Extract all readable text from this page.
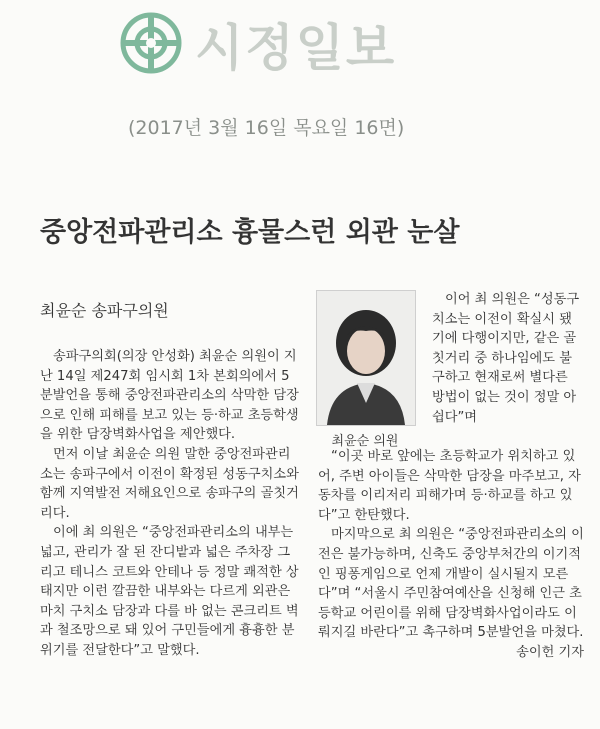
시정일보
(2017년 3월 16일 목요일 16면)
중앙전파관리소 흉물스런 외관 눈살
최윤순 송파구의원

송파구의회(의장 안성화) 최윤순 의원이 지난 14일 제247회 임시회 1차 본회의에서 5분발언을 통해 중앙전파관리소의 삭막한 담장으로 인해 피해를 보고 있는 등·하교 초등학생을 위한 담장벽화사업을 제안했다.

먼저 이날 최윤순 의원 말한 중앙전파관리소는 송파구에서 이전이 확정된 성동구치소와 함께 지역발전 저해요인으로 송파구의 골칫거리다.

이에 최 의원은 “중앙전파관리소의 내부는 넓고, 관리가 잘 된 잔디밭과 넓은 주차장 그리고 테니스 코트와 안테나 등 정말 쾌적한 상태지만 이런 깔끔한 내부와는 다르게 외관은 마치 구치소 담장과 다를 바 없는 콘크리트 벽과 철조망으로 돼 있어 구민들에게 흉흉한 분위기를 전달한다”고 말했다.

최윤순 의원

이어 최 의원은 “성동구치소는 이전이 확실시 됐기에 다행이지만, 같은 골칫거리 중 하나임에도 불구하고 현재로써 별다른 방법이 없는 것이 정말 아쉽다”며

“이곳 바로 앞에는 초등학교가 위치하고 있어, 주변 아이들은 삭막한 담장을 마주보고, 자동차를 이리저리 피해가며 등·하교를 하고 있다”고 한탄했다.

마지막으로 최 의원은 “중앙전파관리소의 이전은 불가능하며, 신축도 중앙부처간의 이기적인 핑퐁게임으로 언제 개발이 실시될지 모른다”며 “서울시 주민참여예산을 신청해 인근 초등학교 어린이를 위해 담장벽화사업이라도 이뤄지길 바란다”고 촉구하며 5분발언을 마쳤다.

송이헌 기자
